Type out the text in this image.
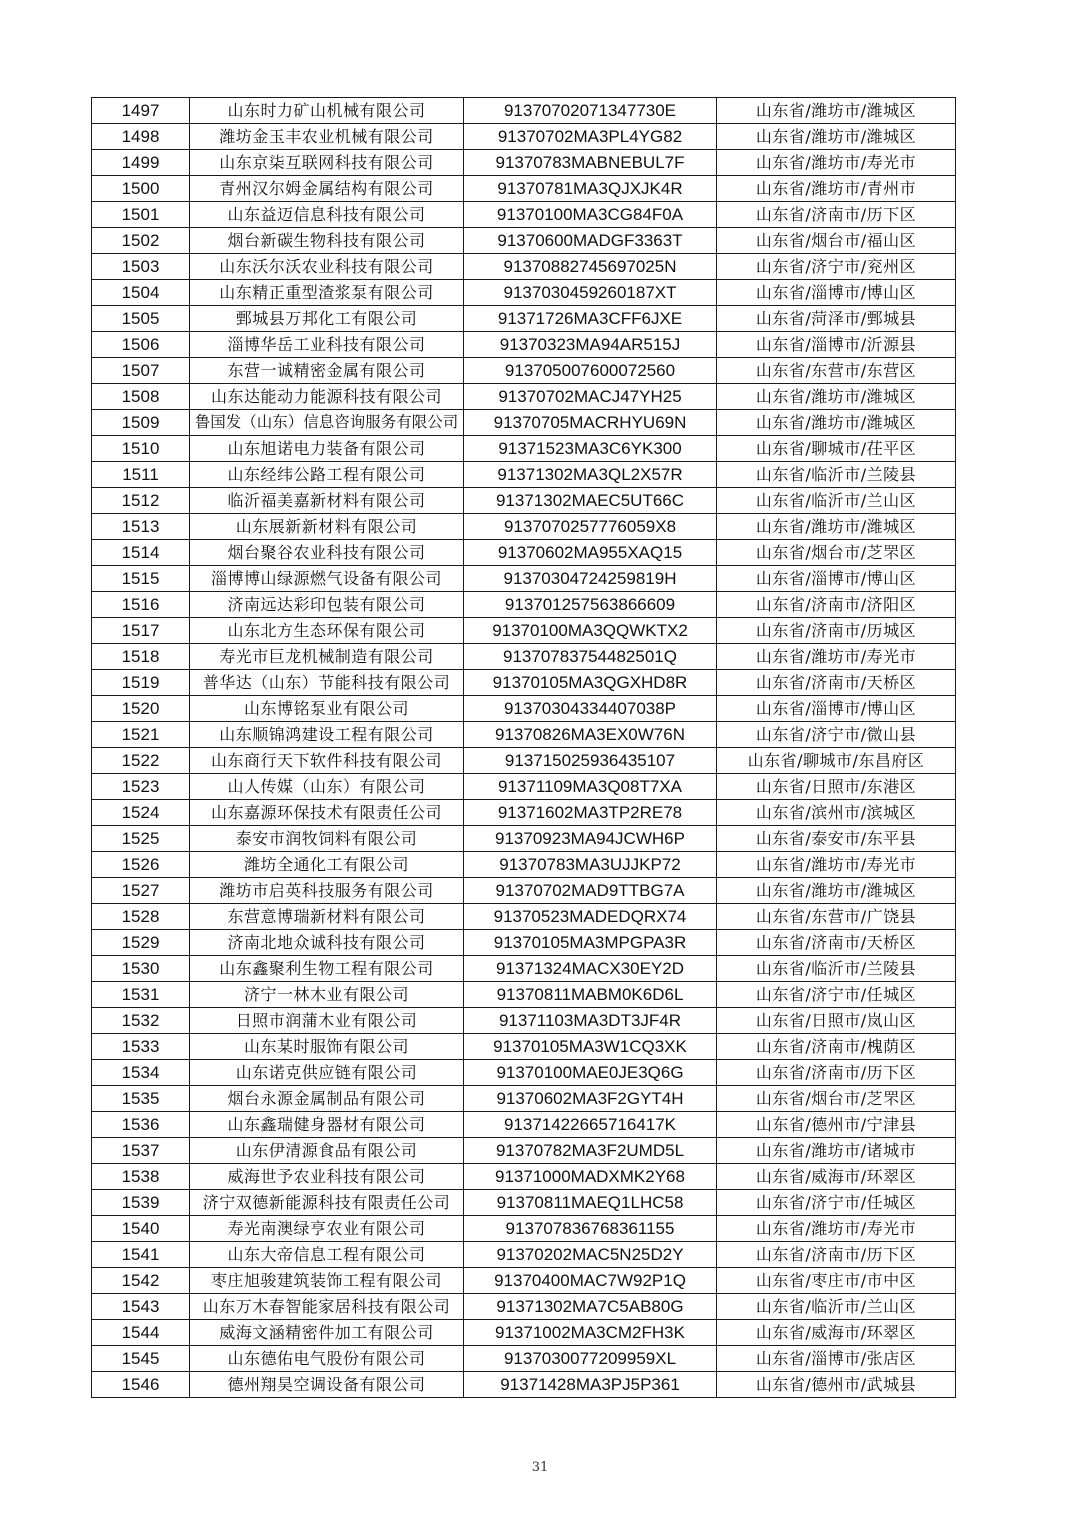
1497	山东时力矿山机械有限公司	91370702071347730E	山东省/潍坊市/潍城区
1498	潍坊金玉丰农业机械有限公司	91370702MA3PL4YG82	山东省/潍坊市/潍城区
1499	山东京柒互联网科技有限公司	91370783MABNEBUL7F	山东省/潍坊市/寿光市
1500	青州汉尔姆金属结构有限公司	91370781MA3QJXJK4R	山东省/潍坊市/青州市
1501	山东益迈信息科技有限公司	91370100MA3CG84F0A	山东省/济南市/历下区
1502	烟台新碳生物科技有限公司	91370600MADGF3363T	山东省/烟台市/福山区
1503	山东沃尔沃农业科技有限公司	91370882745697025N	山东省/济宁市/兖州区
1504	山东精正重型渣浆泵有限公司	9137030459260187XT	山东省/淄博市/博山区
1505	鄄城县万邦化工有限公司	91371726MA3CFF6JXE	山东省/菏泽市/鄄城县
1506	淄博华岳工业科技有限公司	91370323MA94AR515J	山东省/淄博市/沂源县
1507	东营一诚精密金属有限公司	913705007600072560	山东省/东营市/东营区
1508	山东达能动力能源科技有限公司	91370702MACJ47YH25	山东省/潍坊市/潍城区
1509	鲁国发（山东）信息咨询服务有限公司	91370705MACRHYU69N	山东省/潍坊市/潍城区
1510	山东旭诺电力装备有限公司	91371523MA3C6YK300	山东省/聊城市/茌平区
1511	山东经纬公路工程有限公司	91371302MA3QL2X57R	山东省/临沂市/兰陵县
1512	临沂福美嘉新材料有限公司	91371302MAEC5UT66C	山东省/临沂市/兰山区
1513	山东展新新材料有限公司	9137070257776059X8	山东省/潍坊市/潍城区
1514	烟台聚谷农业科技有限公司	91370602MA955XAQ15	山东省/烟台市/芝罘区
1515	淄博博山绿源燃气设备有限公司	91370304724259819H	山东省/淄博市/博山区
1516	济南远达彩印包装有限公司	913701257563866609	山东省/济南市/济阳区
1517	山东北方生态环保有限公司	91370100MA3QQWKTX2	山东省/济南市/历城区
1518	寿光市巨龙机械制造有限公司	91370783754482501Q	山东省/潍坊市/寿光市
1519	普华达（山东）节能科技有限公司	91370105MA3QGXHD8R	山东省/济南市/天桥区
1520	山东博铭泵业有限公司	91370304334407038P	山东省/淄博市/博山区
1521	山东顺锦鸿建设工程有限公司	91370826MA3EX0W76N	山东省/济宁市/微山县
1522	山东商行天下软件科技有限公司	913715025936435107	山东省/聊城市/东昌府区
1523	山人传媒（山东）有限公司	91371109MA3Q08T7XA	山东省/日照市/东港区
1524	山东嘉源环保技术有限责任公司	91371602MA3TP2RE78	山东省/滨州市/滨城区
1525	泰安市润牧饲料有限公司	91370923MA94JCWH6P	山东省/泰安市/东平县
1526	潍坊全通化工有限公司	91370783MA3UJJKP72	山东省/潍坊市/寿光市
1527	潍坊市启英科技服务有限公司	91370702MAD9TTBG7A	山东省/潍坊市/潍城区
1528	东营意博瑞新材料有限公司	91370523MADEDQRX74	山东省/东营市/广饶县
1529	济南北地众诚科技有限公司	91370105MA3MPGPA3R	山东省/济南市/天桥区
1530	山东鑫聚利生物工程有限公司	91371324MACX30EY2D	山东省/临沂市/兰陵县
1531	济宁一林木业有限公司	91370811MABM0K6D6L	山东省/济宁市/任城区
1532	日照市润蒲木业有限公司	91371103MA3DT3JF4R	山东省/日照市/岚山区
1533	山东某时服饰有限公司	91370105MA3W1CQ3XK	山东省/济南市/槐荫区
1534	山东诺克供应链有限公司	91370100MAE0JE3Q6G	山东省/济南市/历下区
1535	烟台永源金属制品有限公司	91370602MA3F2GYT4H	山东省/烟台市/芝罘区
1536	山东鑫瑞健身器材有限公司	91371422665716417K	山东省/德州市/宁津县
1537	山东伊清源食品有限公司	91370782MA3F2UMD5L	山东省/潍坊市/诸城市
1538	威海世予农业科技有限公司	91371000MADXMK2Y68	山东省/威海市/环翠区
1539	济宁双德新能源科技有限责任公司	91370811MAEQ1LHC58	山东省/济宁市/任城区
1540	寿光南澳绿亨农业有限公司	913707836768361155	山东省/潍坊市/寿光市
1541	山东大帝信息工程有限公司	91370202MAC5N25D2Y	山东省/济南市/历下区
1542	枣庄旭骏建筑装饰工程有限公司	91370400MAC7W92P1Q	山东省/枣庄市/市中区
1543	山东万木春智能家居科技有限公司	91371302MA7C5AB80G	山东省/临沂市/兰山区
1544	威海文涵精密件加工有限公司	91371002MA3CM2FH3K	山东省/威海市/环翠区
1545	山东德佑电气股份有限公司	9137030077209959XL	山东省/淄博市/张店区
1546	德州翔昊空调设备有限公司	91371428MA3PJ5P361	山东省/德州市/武城县
31
